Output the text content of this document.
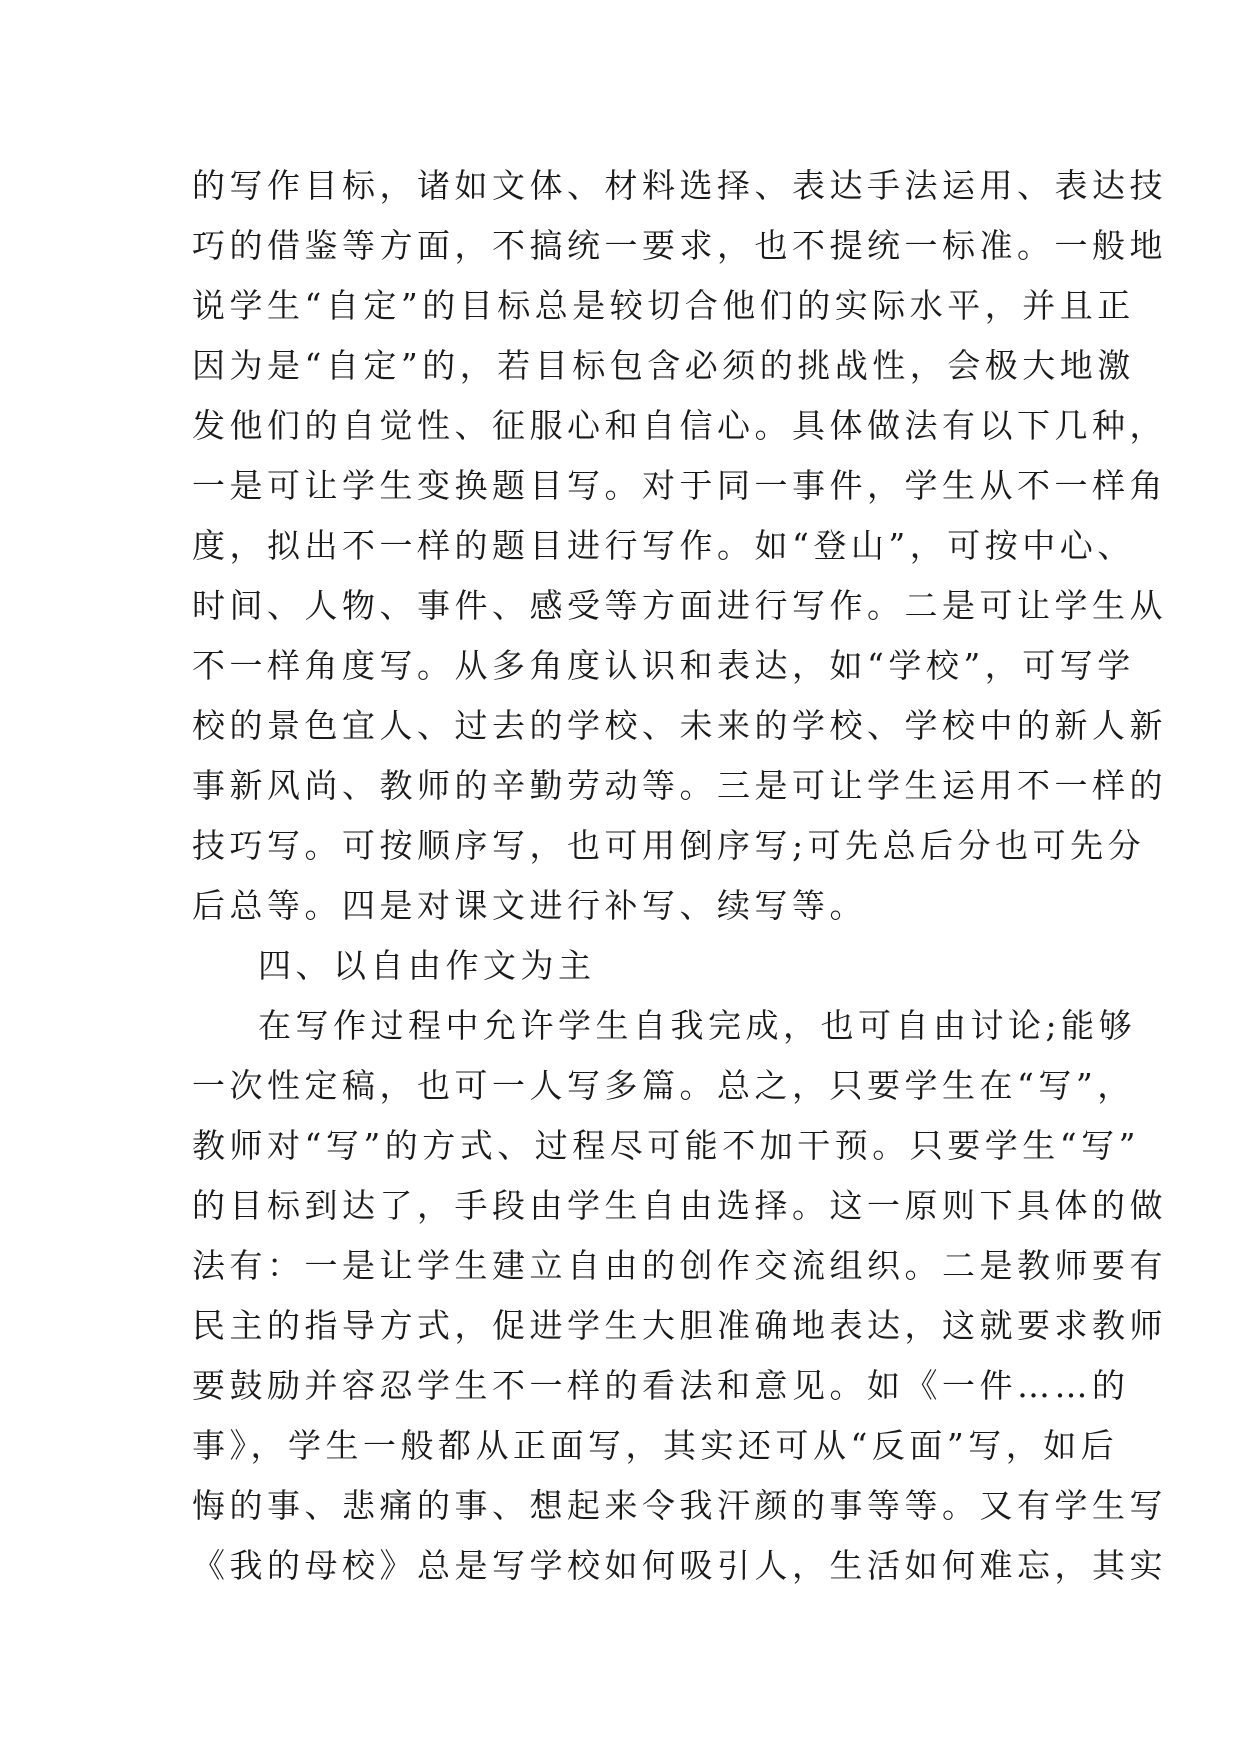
的写作目标，诸如文体、材料选择、表达手法运用、表达技
巧的借鉴等方面，不搞统一要求，也不提统一标准。一般地
说学生“自定”的目标总是较切合他们的实际水平，并且正
因为是“自定”的，若目标包含必须的挑战性，会极大地激
发他们的自觉性、征服心和自信心。具体做法有以下几种，
一是可让学生变换题目写。对于同一事件，学生从不一样角
度，拟出不一样的题目进行写作。如“登山”，可按中心、
时间、人物、事件、感受等方面进行写作。二是可让学生从
不一样角度写。从多角度认识和表达，如“学校”，可写学
校的景色宜人、过去的学校、未来的学校、学校中的新人新
事新风尚、教师的辛勤劳动等。三是可让学生运用不一样的
技巧写。可按顺序写，也可用倒序写;可先总后分也可先分
后总等。四是对课文进行补写、续写等。
四、以自由作文为主
在写作过程中允许学生自我完成，也可自由讨论;能够
一次性定稿，也可一人写多篇。总之，只要学生在“写”，
教师对“写”的方式、过程尽可能不加干预。只要学生“写”
的目标到达了，手段由学生自由选择。这一原则下具体的做
法有：一是让学生建立自由的创作交流组织。二是教师要有
民主的指导方式，促进学生大胆准确地表达，这就要求教师
要鼓励并容忍学生不一样的看法和意见。如《一件……的
事》，学生一般都从正面写，其实还可从“反面”写，如后
悔的事、悲痛的事、想起来令我汗颜的事等等。又有学生写
《我的母校》总是写学校如何吸引人，生活如何难忘，其实
